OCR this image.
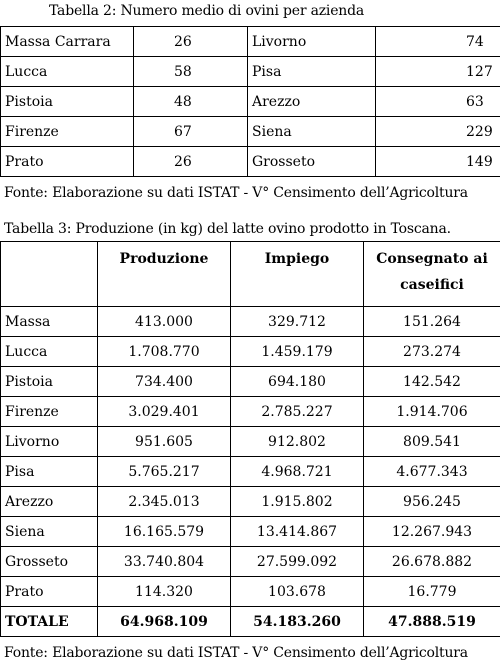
Tabella 2: Numero medio di ovini per azienda
Massa Carrara	26	Livorno	74
Lucca	58	Pisa	127
Pistoia	48	Arezzo	63
Firenze	67	Siena	229
Prato	26	Grosseto	149
Fonte: Elaborazione su dati ISTAT - V° Censimento dell’Agricoltura
Tabella 3: Produzione (in kg) del latte ovino prodotto in Toscana.
	Produzione	Impiego	Consegnato ai caseifici
Massa	413.000	329.712	151.264
Lucca	1.708.770	1.459.179	273.274
Pistoia	734.400	694.180	142.542
Firenze	3.029.401	2.785.227	1.914.706
Livorno	951.605	912.802	809.541
Pisa	5.765.217	4.968.721	4.677.343
Arezzo	2.345.013	1.915.802	956.245
Siena	16.165.579	13.414.867	12.267.943
Grosseto	33.740.804	27.599.092	26.678.882
Prato	114.320	103.678	16.779
TOTALE	64.968.109	54.183.260	47.888.519
Fonte: Elaborazione su dati ISTAT - V° Censimento dell’Agricoltura
